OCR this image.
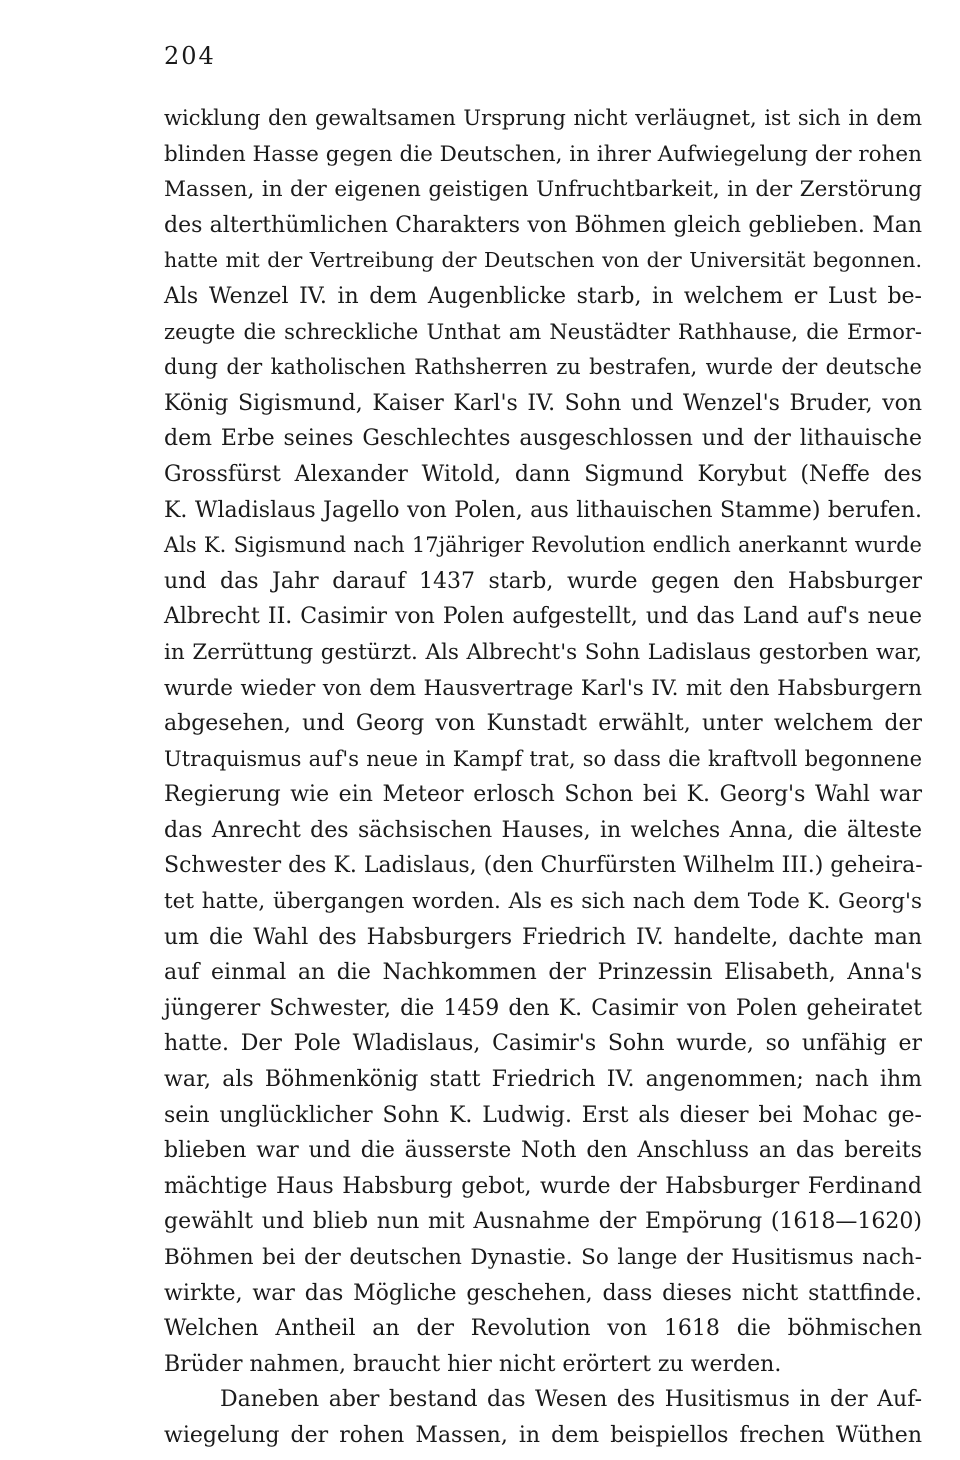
204
wicklung den gewaltsamen Ursprung nicht verläugnet, ist sich in dem
blinden Hasse gegen die Deutschen, in ihrer Aufwiegelung der rohen
Massen, in der eigenen geistigen Unfruchtbarkeit, in der Zerstörung
des alterthümlichen Charakters von Böhmen gleich geblieben. Man
hatte mit der Vertreibung der Deutschen von der Universität begonnen.
Als Wenzel IV. in dem Augenblicke starb, in welchem er Lust be-
zeugte die schreckliche Unthat am Neustädter Rathhause, die Ermor-
dung der katholischen Rathsherren zu bestrafen, wurde der deutsche
König Sigismund, Kaiser Karl's IV. Sohn und Wenzel's Bruder, von
dem Erbe seines Geschlechtes ausgeschlossen und der lithauische
Grossfürst Alexander Witold, dann Sigmund Korybut (Neffe des
K. Wladislaus Jagello von Polen, aus lithauischen Stamme) berufen.
Als K. Sigismund nach 17jähriger Revolution endlich anerkannt wurde
und das Jahr darauf 1437 starb, wurde gegen den Habsburger
Albrecht II. Casimir von Polen aufgestellt, und das Land auf's neue
in Zerrüttung gestürzt. Als Albrecht's Sohn Ladislaus gestorben war,
wurde wieder von dem Hausvertrage Karl's IV. mit den Habsburgern
abgesehen, und Georg von Kunstadt erwählt, unter welchem der
Utraquismus auf's neue in Kampf trat, so dass die kraftvoll begonnene
Regierung wie ein Meteor erlosch Schon bei K. Georg's Wahl war
das Anrecht des sächsischen Hauses, in welches Anna, die älteste
Schwester des K. Ladislaus, (den Churfürsten Wilhelm III.) geheira-
tet hatte, übergangen worden. Als es sich nach dem Tode K. Georg's
um die Wahl des Habsburgers Friedrich IV. handelte, dachte man
auf einmal an die Nachkommen der Prinzessin Elisabeth, Anna's
jüngerer Schwester, die 1459 den K. Casimir von Polen geheiratet
hatte. Der Pole Wladislaus, Casimir's Sohn wurde, so unfähig er
war, als Böhmenkönig statt Friedrich IV. angenommen; nach ihm
sein unglücklicher Sohn K. Ludwig. Erst als dieser bei Mohac ge-
blieben war und die äusserste Noth den Anschluss an das bereits
mächtige Haus Habsburg gebot, wurde der Habsburger Ferdinand
gewählt und blieb nun mit Ausnahme der Empörung (1618—1620)
Böhmen bei der deutschen Dynastie. So lange der Husitismus nach-
wirkte, war das Mögliche geschehen, dass dieses nicht stattfinde.
Welchen Antheil an der Revolution von 1618 die böhmischen
Brüder nahmen, braucht hier nicht erörtert zu werden.
Daneben aber bestand das Wesen des Husitismus in der Auf-
wiegelung der rohen Massen, in dem beispiellos frechen Wüthen
